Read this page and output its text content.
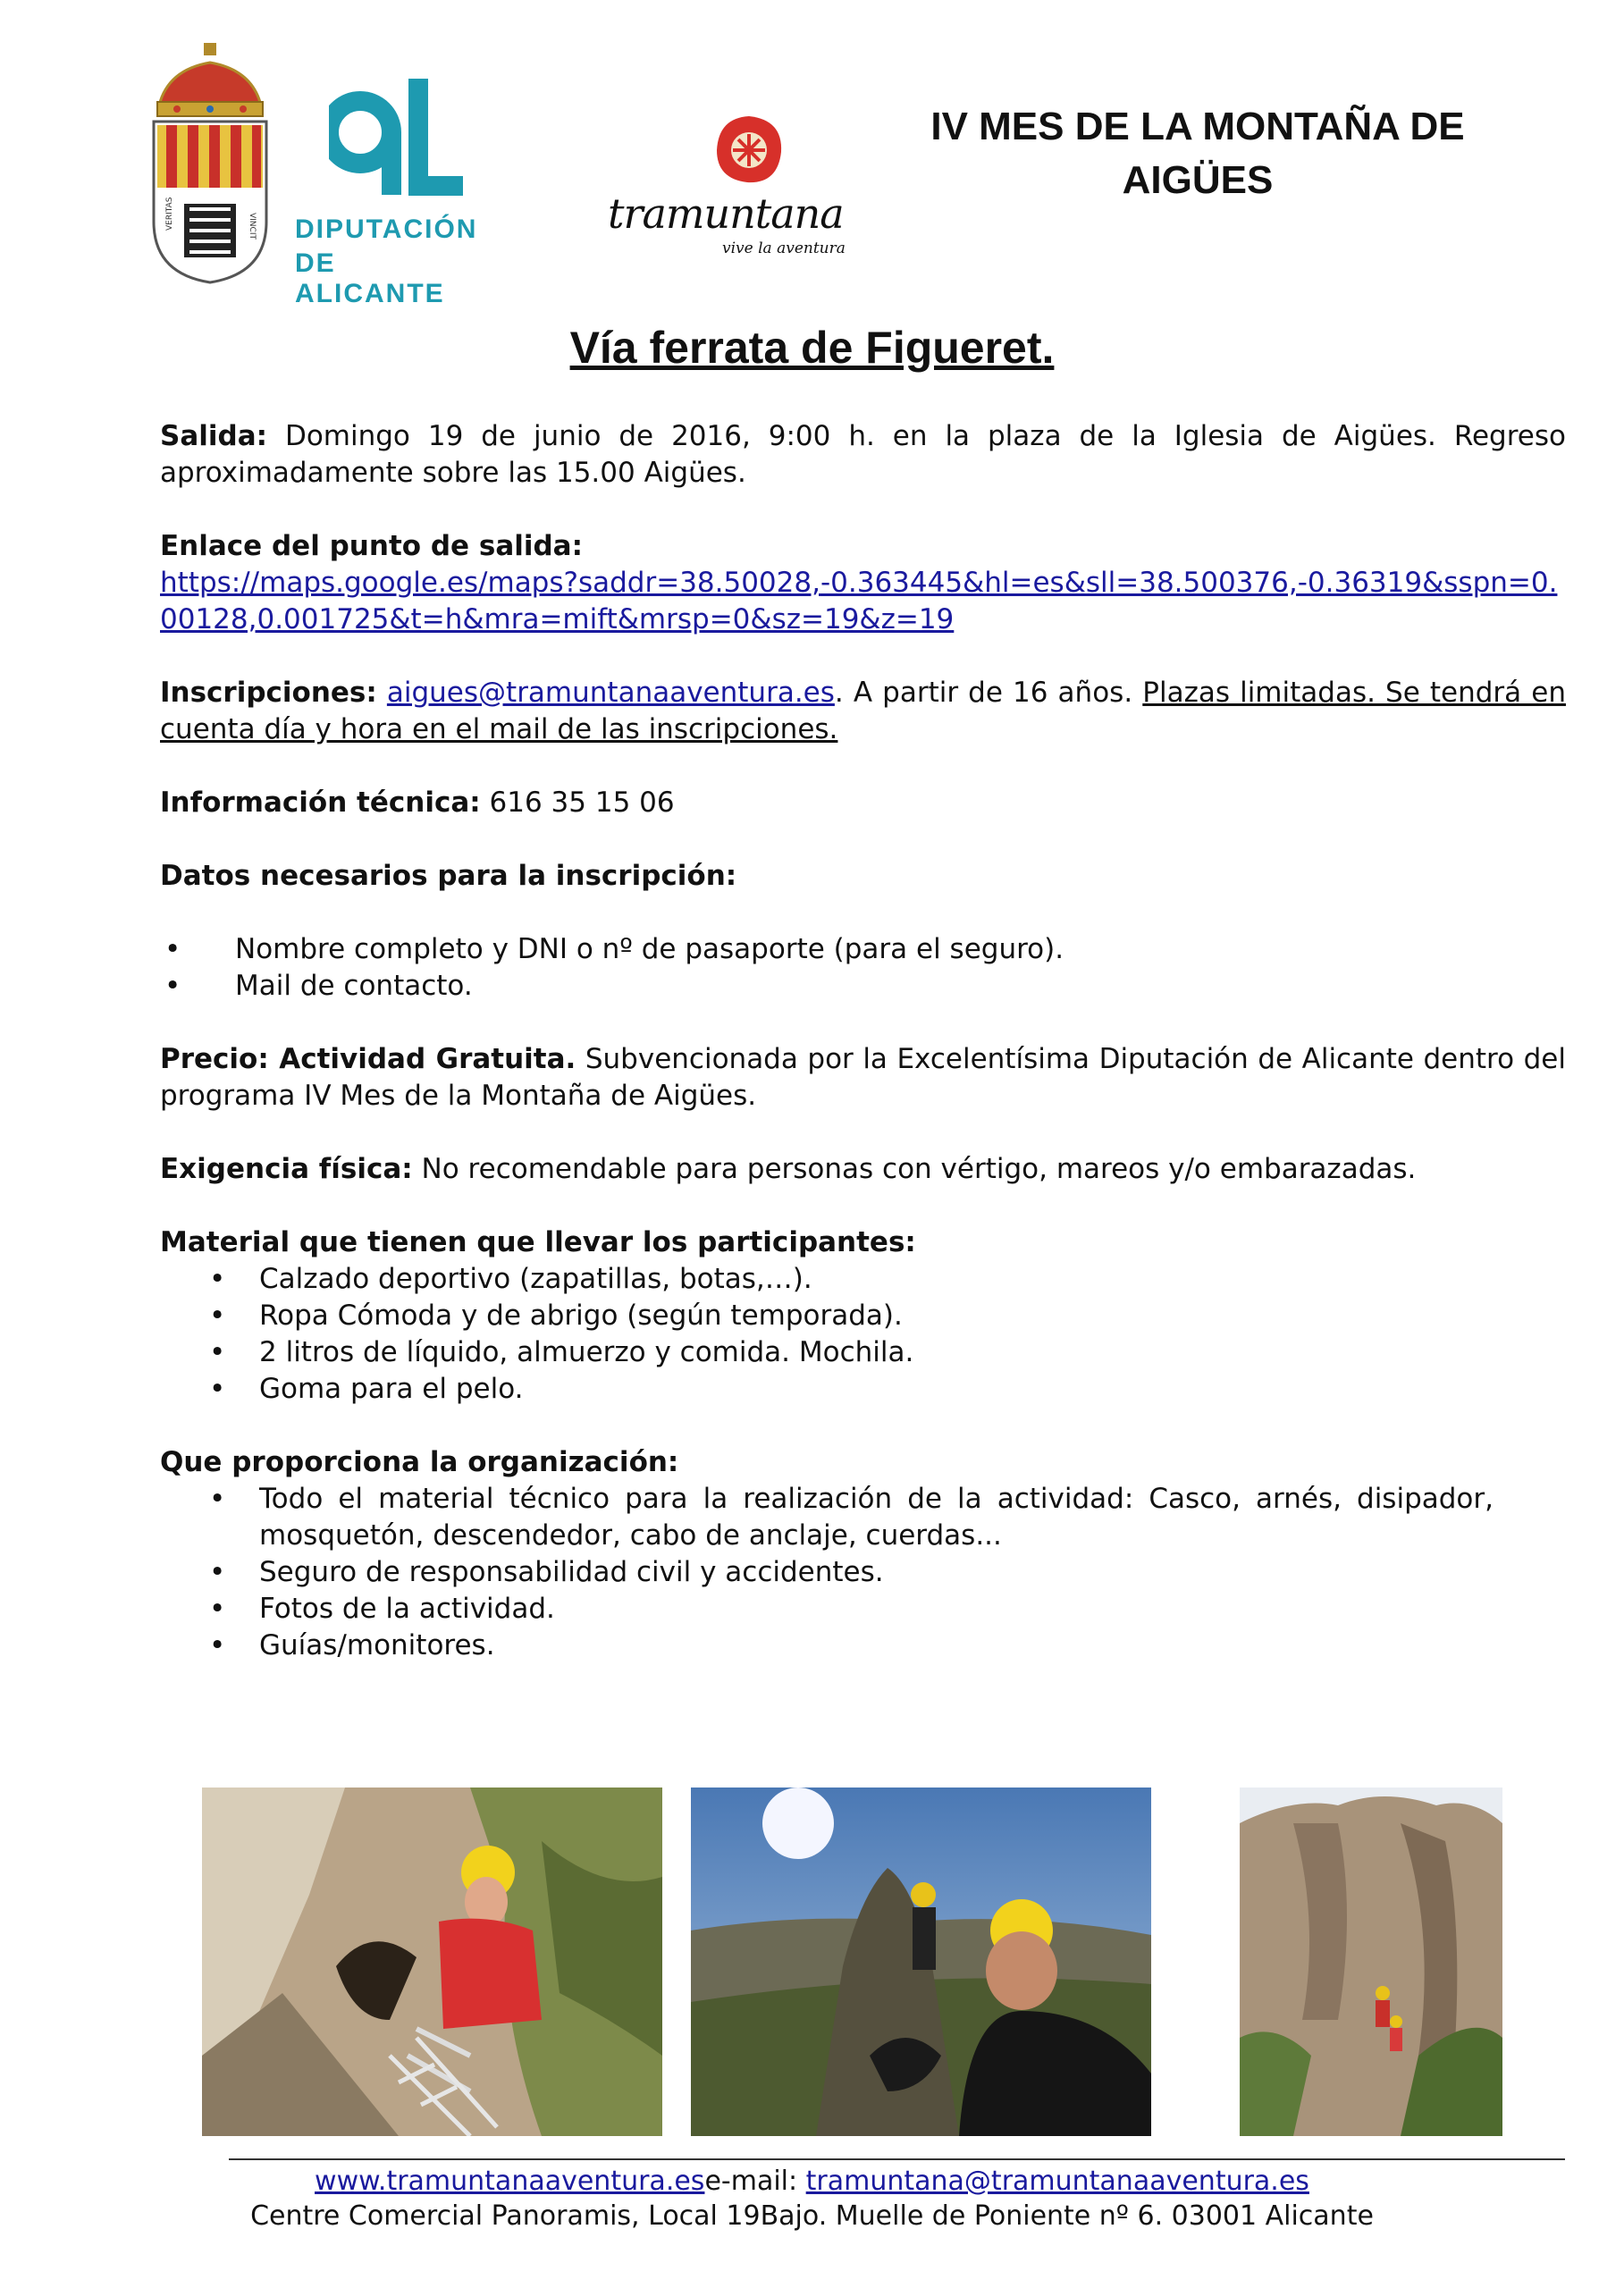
VERITAS	VINCIT DIPUTACIÓN
DE ALICANTE
tramuntana
vive la aventura
IV MES DE LA MONTAÑA DE
AIGÜES
Vía ferrata de Figueret.

Salida: Domingo 19 de junio de 2016, 9:00 h. en la plaza de la Iglesia de Aigües. Regreso aproximadamente sobre las 15.00 Aigües.

Enlace del punto de salida:
https://maps.google.es/maps?saddr=38.50028,-0.363445&hl=es&sll=38.500376,-0.36319&sspn=0.00128,0.001725&t=h&mra=mift&mrsp=0&sz=19&z=19

Inscripciones: aigues@tramuntanaaventura.es. A partir de 16 años. Plazas limitadas. Se tendrá en cuenta día y hora en el mail de las inscripciones.

Información técnica: 616 35 15 06

Datos necesarios para la inscripción:

• Nombre completo y DNI o nº de pasaporte (para el seguro).
• Mail de contacto.

Precio: Actividad Gratuita. Subvencionada por la Excelentísima Diputación de Alicante dentro del programa IV Mes de la Montaña de Aigües.

Exigencia física: No recomendable para personas con vértigo, mareos y/o embarazadas.

Material que tienen que llevar los participantes:

• Calzado deportivo (zapatillas, botas,…).
• Ropa Cómoda y de abrigo (según temporada).
• 2 litros de líquido, almuerzo y comida. Mochila.
• Goma para el pelo.

Que proporciona la organización:

• Todo el material técnico para la realización de la actividad: Casco, arnés, disipador, mosquetón, descendedor, cabo de anclaje, cuerdas...
• Seguro de responsabilidad civil y accidentes.
• Fotos de la actividad.
• Guías/monitores.
www.tramuntanaaventura.ese-mail: tramuntana@tramuntanaaventura.es
Centre Comercial Panoramis, Local 19Bajo. Muelle de Poniente nº 6. 03001 Alicante
